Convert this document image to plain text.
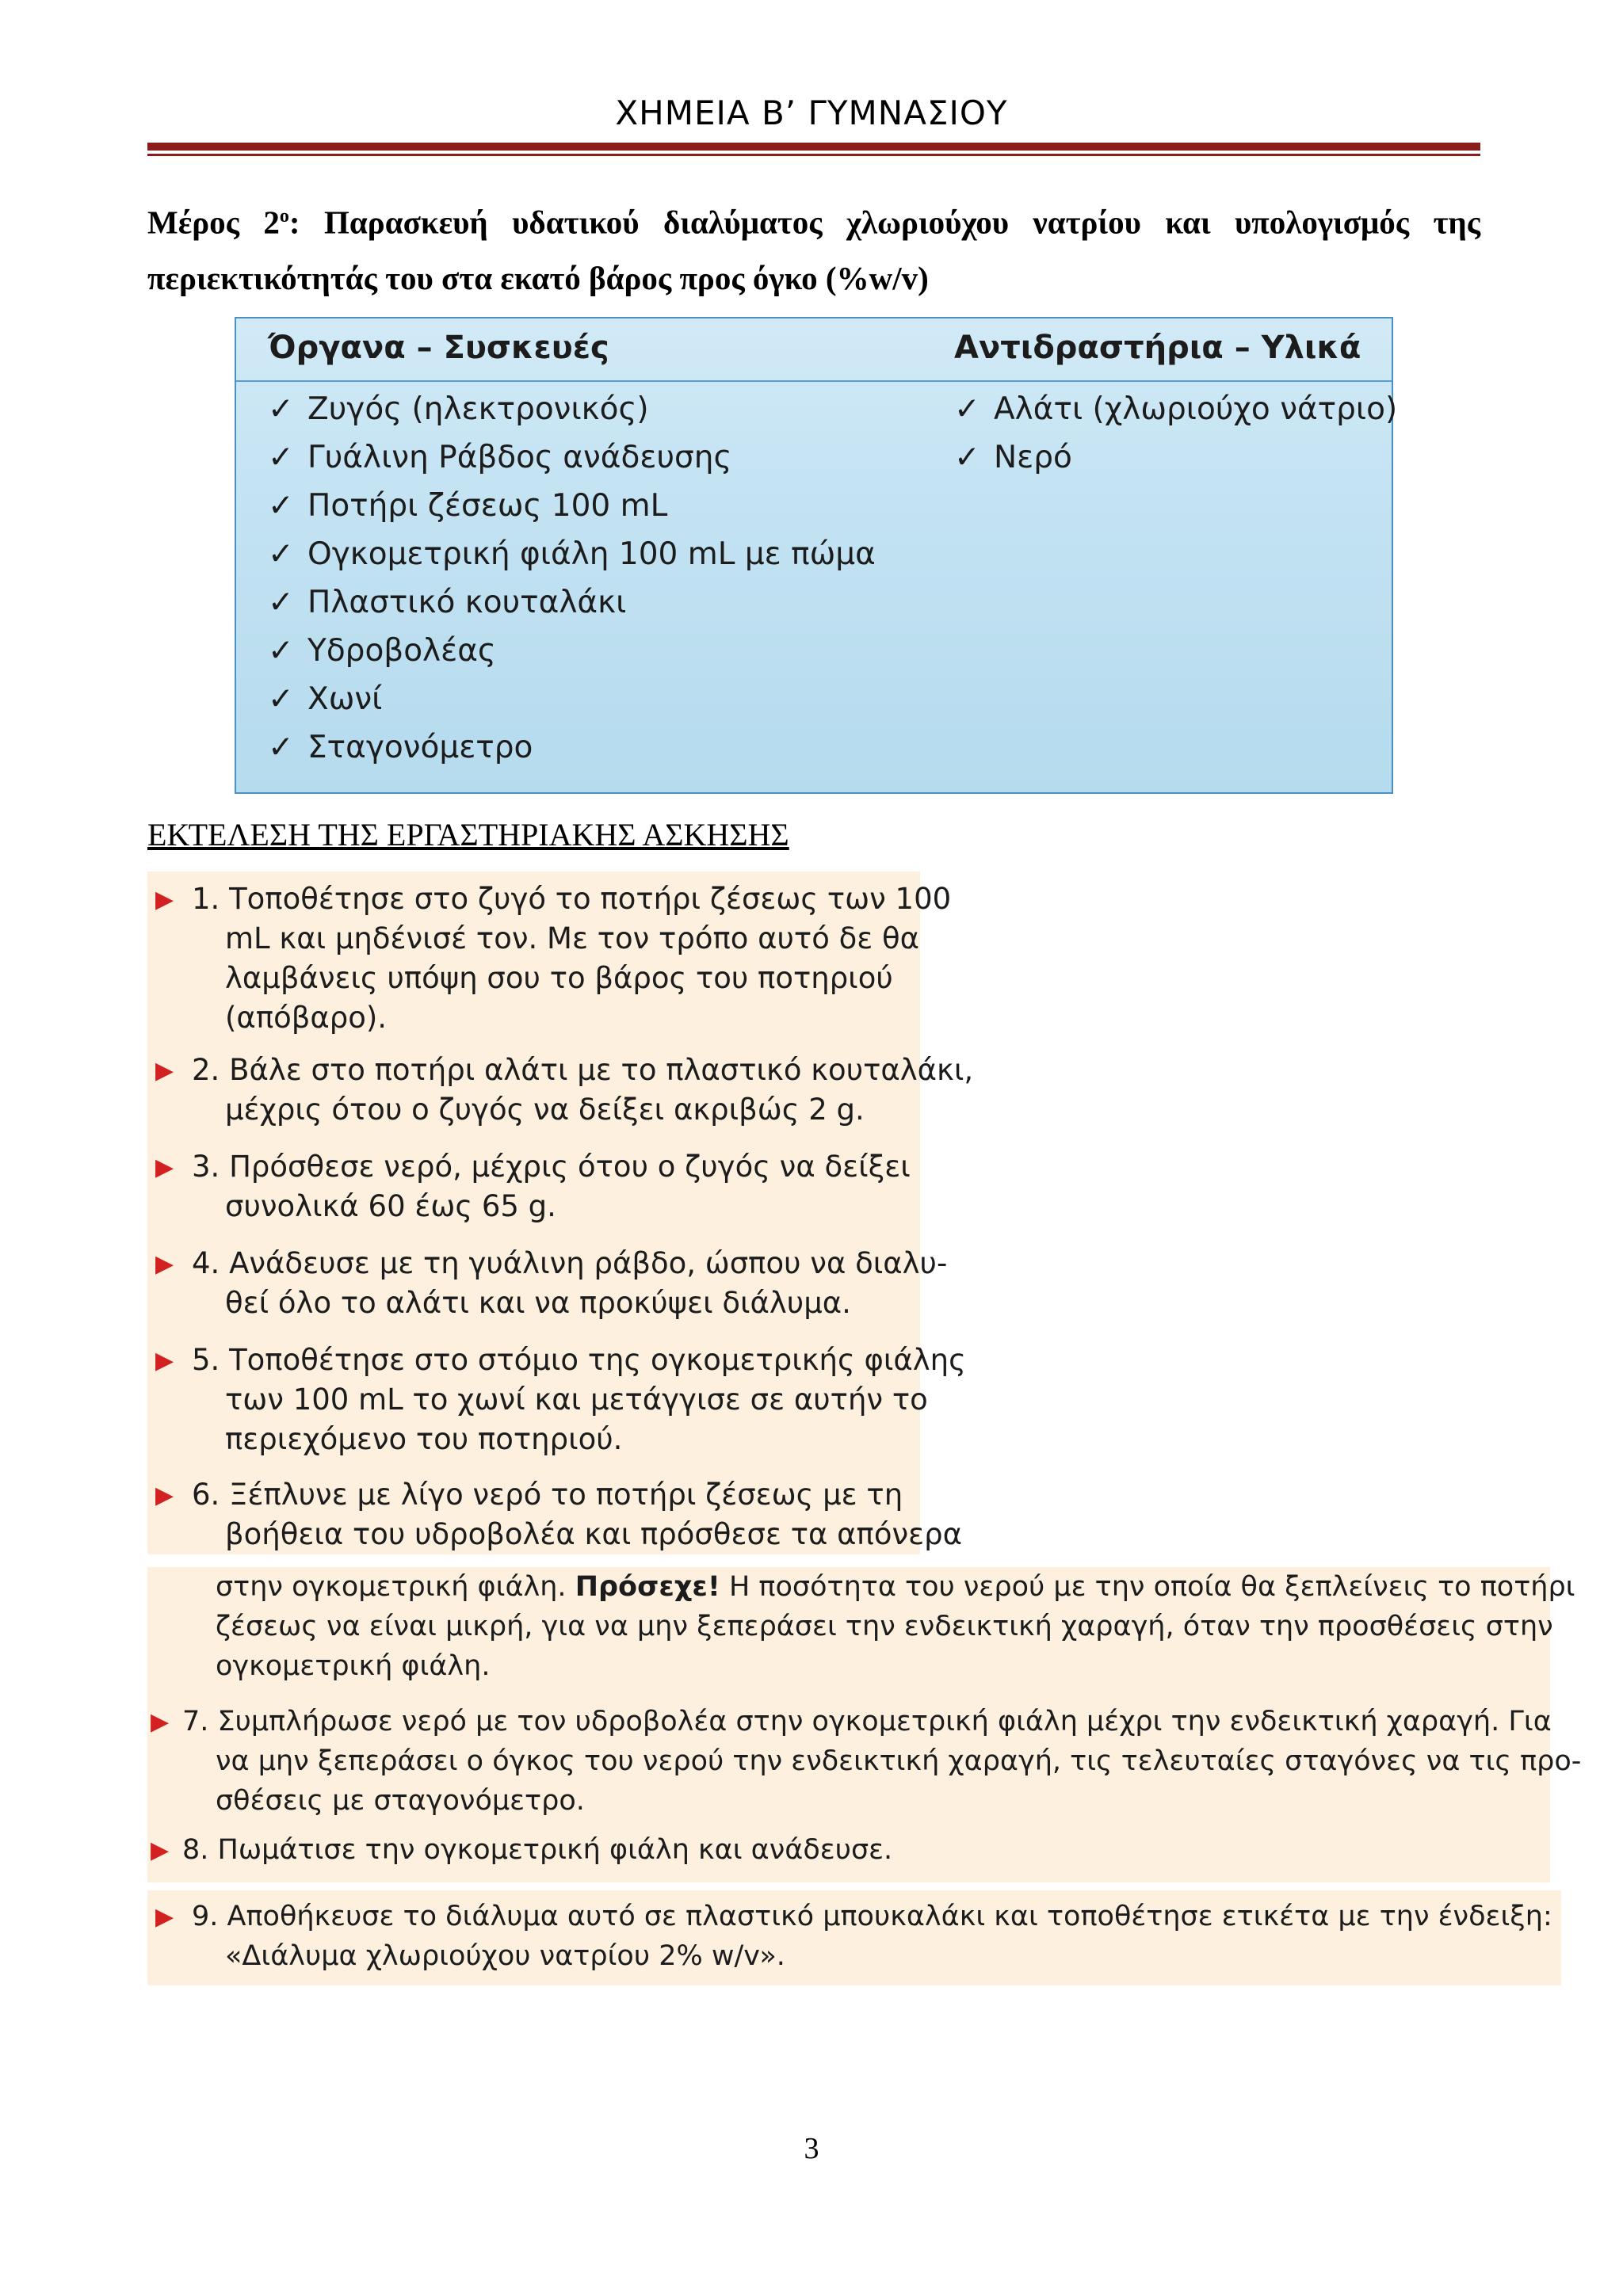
ΧΗΜΕΙΑ Β’ ΓΥΜΝΑΣΙΟΥ
Μέρος $2^o$: Παρασκευή υδατικού διαλύματος χλωριούχου νατρίου και υπολογισμός της περιεκτικότητάς του στα εκατό βάρος προς όγκο (%w/v)
Όργανα – Συσκευές	Αντιδραστήρια – Υλικά
✓ Ζυγός (ηλεκτρονικός)
✓ Γυάλινη Ράβδος ανάδευσης
✓ Ποτήρι ζέσεως 100 mL
✓ Ογκομετρική φιάλη 100 mL με πώμα
✓ Πλαστικό κουταλάκι
✓ Υδροβολέας
✓ Χωνί
✓ Σταγονόμετρο
✓ Αλάτι (χλωριούχο νάτριο)
✓ Νερό
ΕΚΤΕΛΕΣΗ ΤΗΣ ΕΡΓΑΣΤΗΡΙΑΚΗΣ ΑΣΚΗΣΗΣ
▶ 1. Τοποθέτησε στο ζυγό το ποτήρι ζέσεως των 100
mL και μηδένισέ τον. Με τον τρόπο αυτό δε θα
λαμβάνεις υπόψη σου το βάρος του ποτηριού
(απόβαρο).
▶ 2. Βάλε στο ποτήρι αλάτι με το πλαστικό κουταλάκι,
μέχρις ότου ο ζυγός να δείξει ακριβώς 2 g.
▶ 3. Πρόσθεσε νερό, μέχρις ότου ο ζυγός να δείξει
συνολικά 60 έως 65 g.
▶ 4. Ανάδευσε με τη γυάλινη ράβδο, ώσπου να διαλυ-
θεί όλο το αλάτι και να προκύψει διάλυμα.
▶ 5. Τοποθέτησε στο στόμιο της ογκομετρικής φιάλης
των 100 mL το χωνί και μετάγγισε σε αυτήν το
περιεχόμενο του ποτηριού.
▶ 6. Ξέπλυνε με λίγο νερό το ποτήρι ζέσεως με τη
βοήθεια του υδροβολέα και πρόσθεσε τα απόνερα
στην ογκομετρική φιάλη. Πρόσεχε! Η ποσότητα του νερού με την οποία θα ξεπλείνεις το ποτήρι
ζέσεως να είναι μικρή, για να μην ξεπεράσει την ενδεικτική χαραγή, όταν την προσθέσεις στην
ογκομετρική φιάλη.
▶ 7. Συμπλήρωσε νερό με τον υδροβολέα στην ογκομετρική φιάλη μέχρι την ενδεικτική χαραγή. Για
να μην ξεπεράσει ο όγκος του νερού την ενδεικτική χαραγή, τις τελευταίες σταγόνες να τις προ-
σθέσεις με σταγονόμετρο.
▶ 8. Πωμάτισε την ογκομετρική φιάλη και ανάδευσε.
▶ 9. Αποθήκευσε το διάλυμα αυτό σε πλαστικό μπουκαλάκι και τοποθέτησε ετικέτα με την ένδειξη:
«Διάλυμα χλωριούχου νατρίου 2% w/v».
3
